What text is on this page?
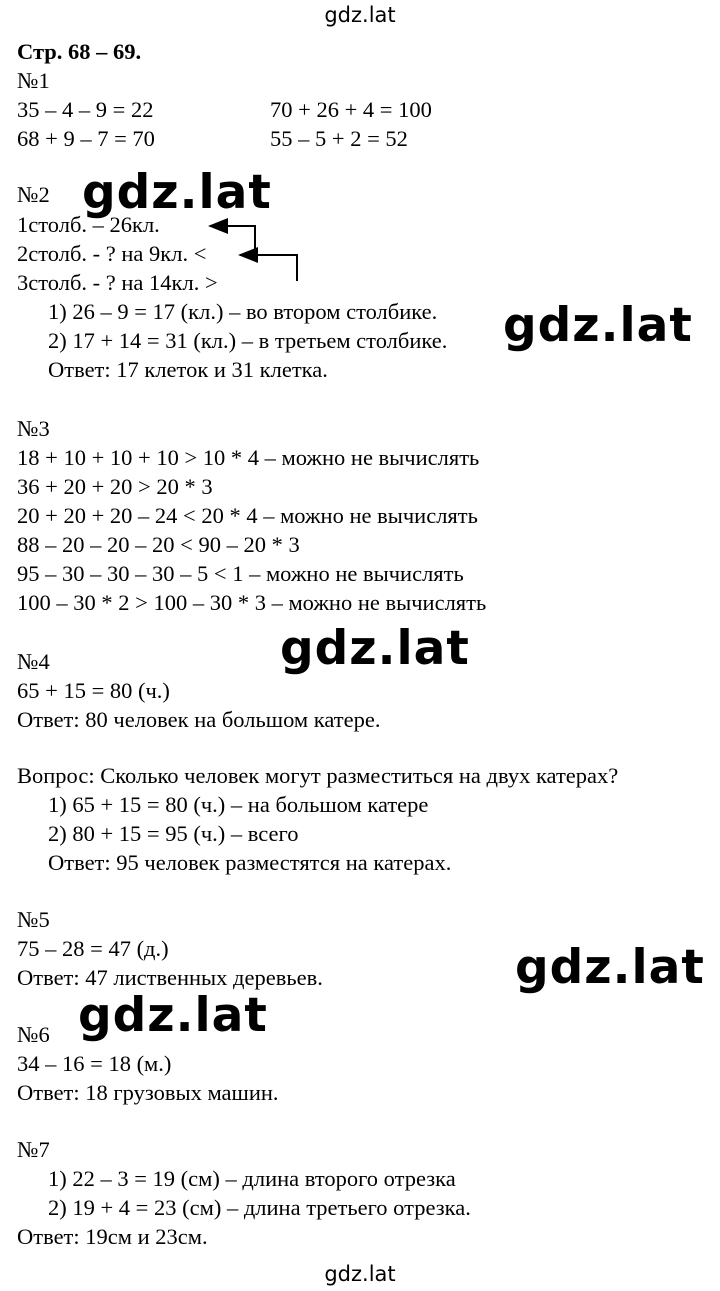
gdz.lat
Стр. 68 – 69.
№1
35 – 4 – 9 = 22
68 + 9 – 7 = 70
70 + 26 + 4 = 100
55 – 5 + 2 = 52
№2
1столб. – 26кл.
2столб. - ? на 9кл. <
3столб. - ? на 14кл. >
1) 26 – 9 = 17 (кл.) – во втором столбике.
2) 17 + 14 = 31 (кл.) – в третьем столбике.
Ответ: 17 клеток и 31 клетка.
№3
18 + 10 + 10 + 10 > 10 * 4 – можно не вычислять
36 + 20 + 20 > 20 * 3
20 + 20 + 20 – 24 < 20 * 4 – можно не вычислять
88 – 20 – 20 – 20 < 90 – 20 * 3
95 – 30 – 30 – 30 – 5 < 1 – можно не вычислять
100 – 30 * 2 > 100 – 30 * 3 – можно не вычислять
№4
65 + 15 = 80 (ч.)
Ответ: 80 человек на большом катере.
Вопрос: Сколько человек могут разместиться на двух катерах?
1) 65 + 15 = 80 (ч.) – на большом катере
2) 80 + 15 = 95 (ч.) – всего
Ответ: 95 человек разместятся на катерах.
№5
75 – 28 = 47 (д.)
Ответ: 47 лиственных деревьев.
№6
34 – 16 = 18 (м.)
Ответ: 18 грузовых машин.
№7
1) 22 – 3 = 19 (см) – длина второго отрезка
2) 19 + 4 = 23 (см) – длина третьего отрезка.
Ответ: 19см и 23см.
gdz.lat
gdz.lat
gdz.lat
gdz.lat
gdz.lat
gdz.lat
